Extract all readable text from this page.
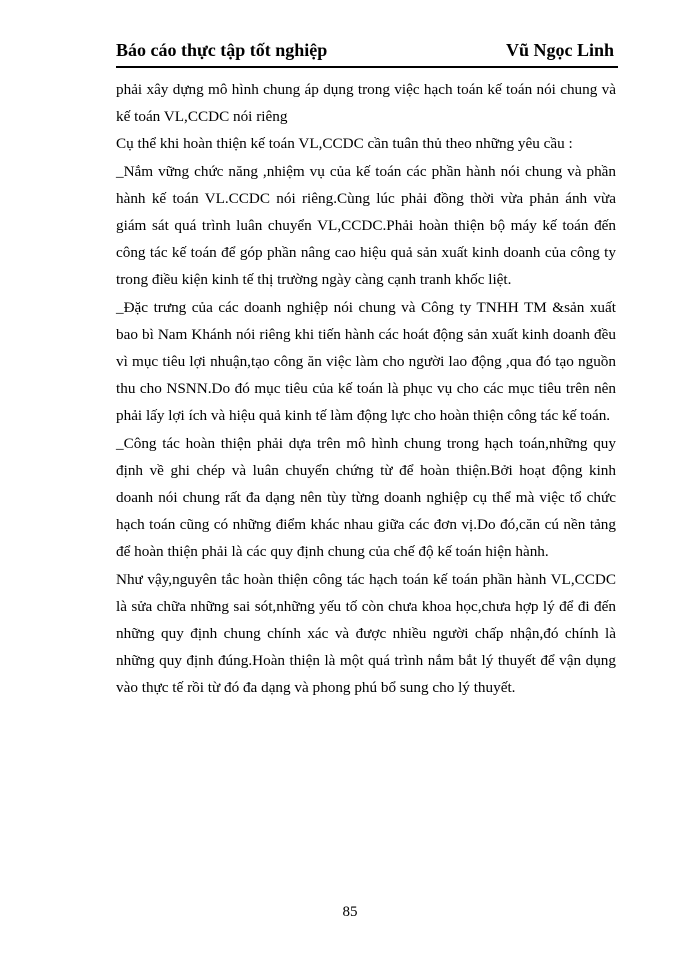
Báo cáo thực tập tốt nghiệp	Vũ Ngọc Linh

phải xây dựng mô hình chung áp dụng trong việc hạch toán kế toán nói chung và kế toán VL,CCDC nói riêng

Cụ thể khi hoàn thiện kế toán VL,CCDC cần tuân thủ theo những yêu cầu :

_Nắm vững chức năng ,nhiệm vụ của kế toán các phần hành nói chung và phần hành kế toán VL.CCDC nói riêng.Cùng lúc phải đồng thời vừa phản ánh vừa giám sát quá trình luân chuyển VL,CCDC.Phải hoàn thiện bộ máy kế toán đến công tác kế toán để góp phần nâng cao hiệu quả sản xuất kinh doanh của công ty trong điều kiện kinh tế thị trường ngày càng cạnh tranh khốc liệt.

_Đặc trưng của các doanh nghiệp nói chung và Công ty TNHH TM &sản xuất bao bì Nam Khánh nói riêng khi tiến hành các hoát động sản xuất kinh doanh đều vì mục tiêu lợi nhuận,tạo công ăn việc làm cho người lao động ,qua đó tạo nguồn thu cho NSNN.Do đó mục tiêu của kế toán là phục vụ cho các mục tiêu trên nên phải lấy lợi ích và hiệu quả kinh tế làm động lực cho hoàn thiện công tác kế toán.

_Công tác hoàn thiện phải dựa trên mô hình chung trong hạch toán,những quy định về ghi chép và luân chuyển chứng từ để hoàn thiện.Bởi hoạt động kinh doanh nói chung rất đa dạng nên tùy từng doanh nghiệp cụ thể mà việc tổ chức hạch toán cũng có những điểm khác nhau giữa các đơn vị.Do đó,căn cú nền tảng để hoàn thiện phải là các quy định chung của chế độ kế toán hiện hành.

Như vậy,nguyên tắc hoàn thiện công tác hạch toán kế toán phần hành VL,CCDC là sửa chữa những sai sót,những yếu tố còn chưa khoa học,chưa hợp lý để đi đến những quy định chung chính xác và được nhiều người chấp nhận,đó chính là những quy định đúng.Hoàn thiện là một quá trình nắm bắt lý thuyết để vận dụng vào thực tế rồi từ đó đa dạng và phong phú bổ sung cho lý thuyết.

85
